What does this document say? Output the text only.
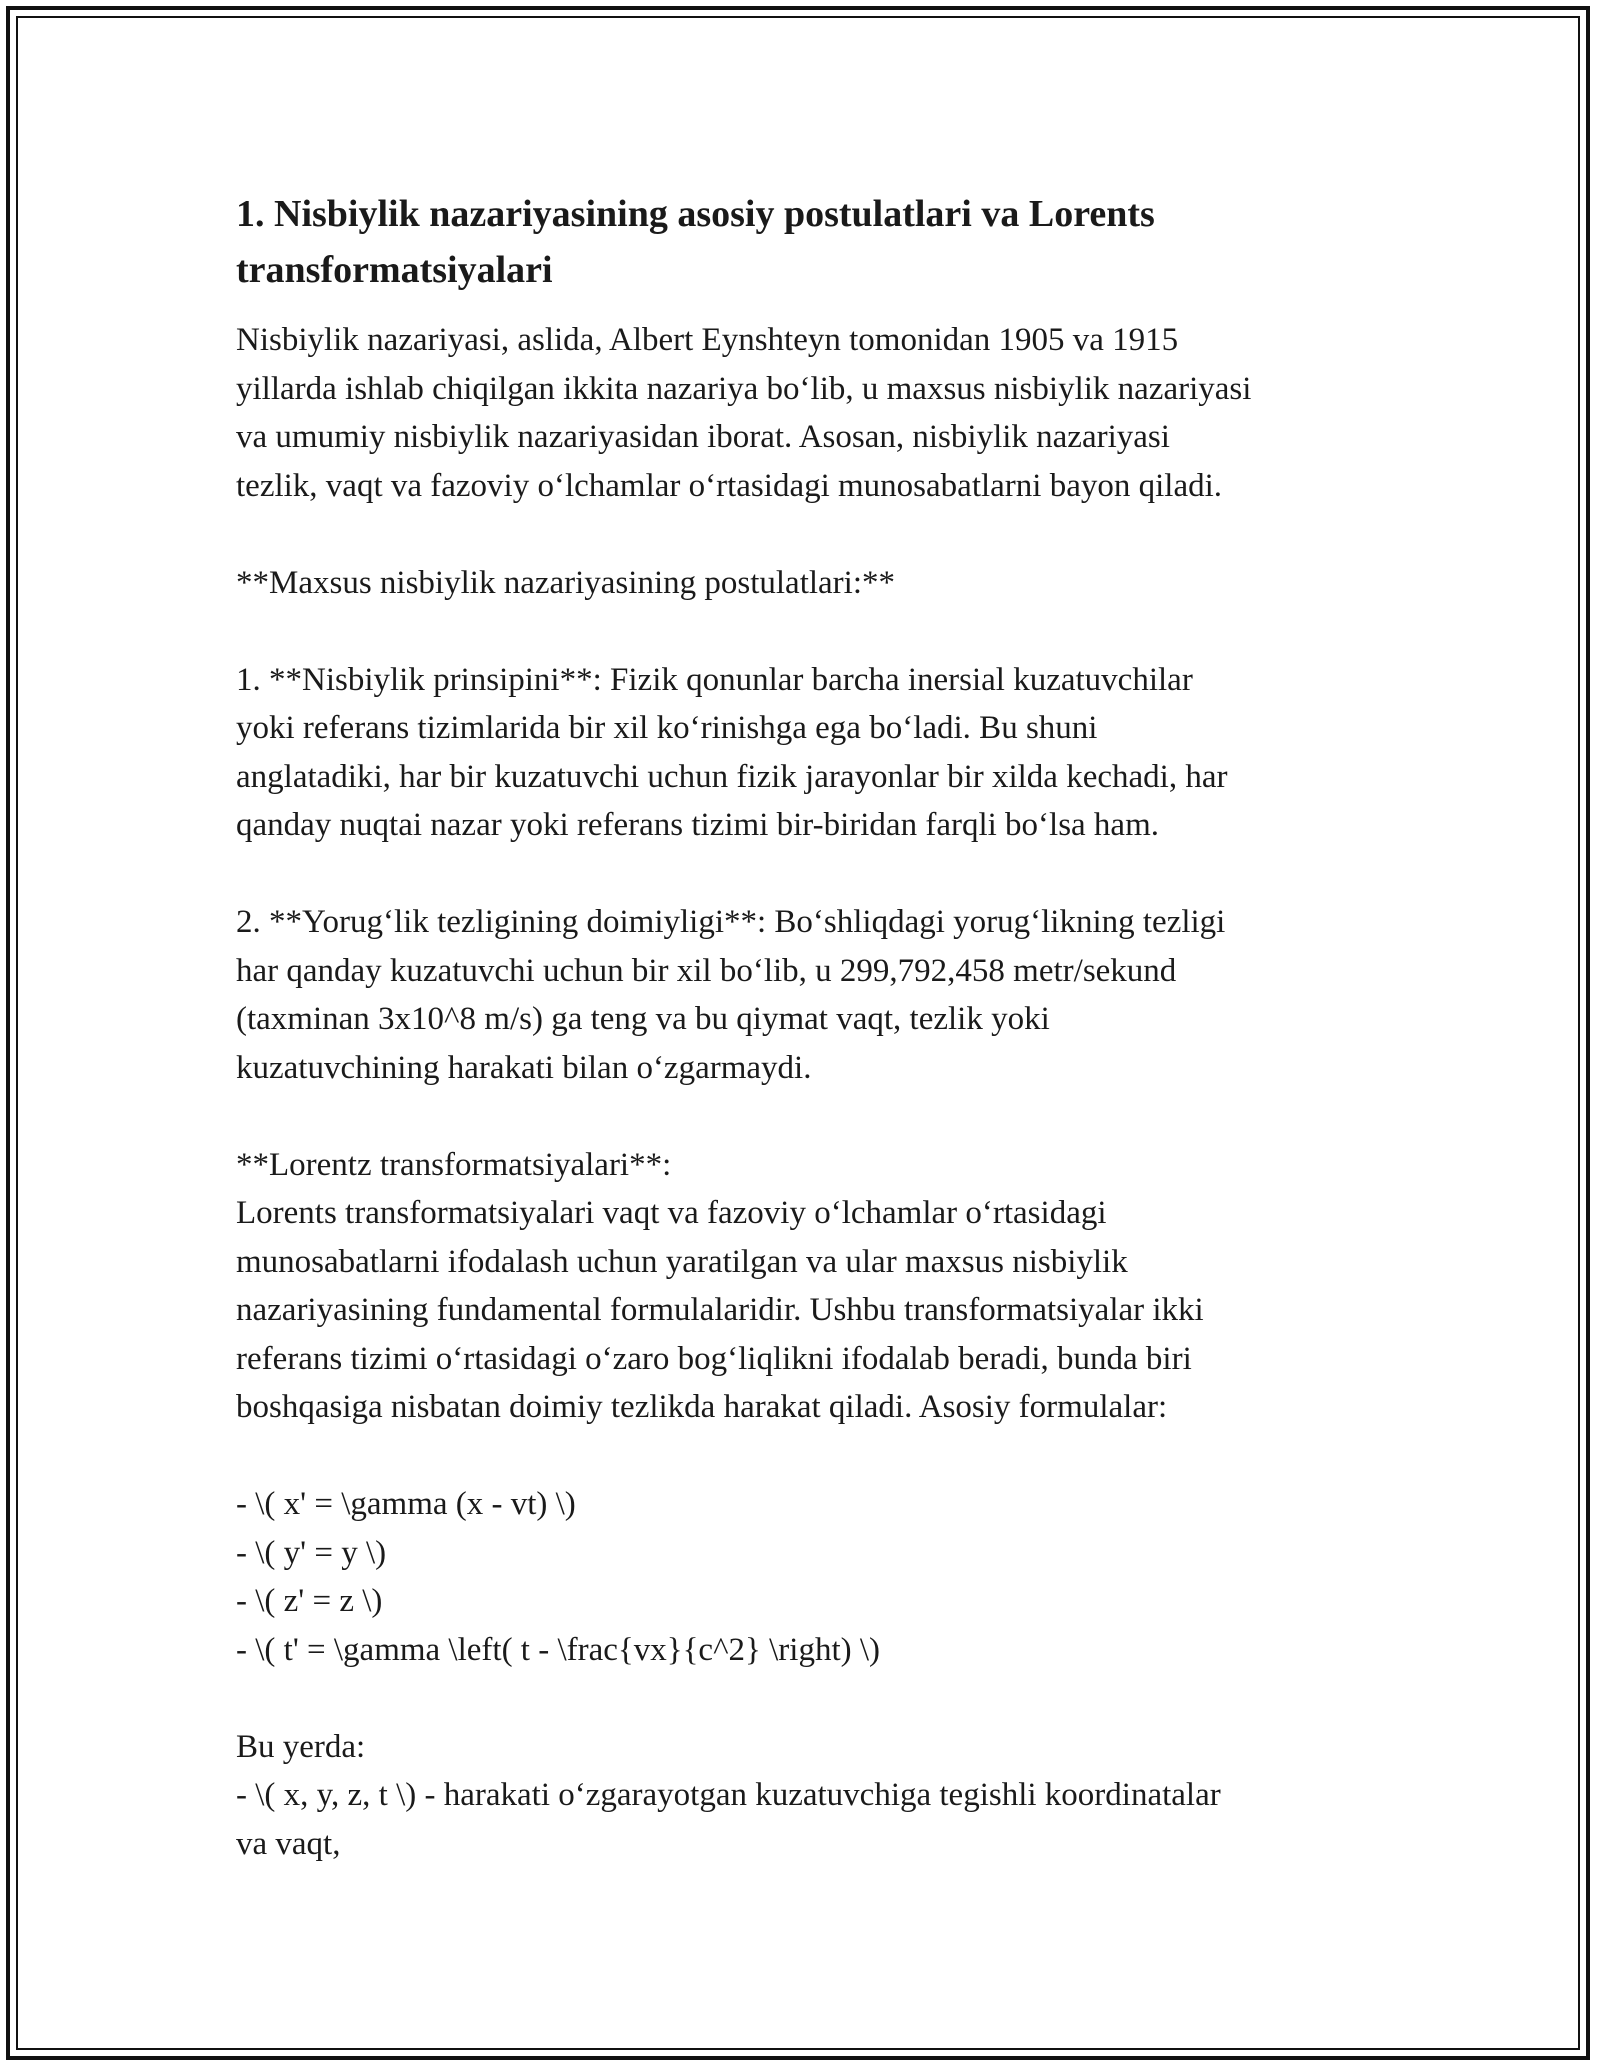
1. Nisbiylik nazariyasining asosiy postulatlari va Lorents
transformatsiyalari

Nisbiylik nazariyasi, aslida, Albert Eynshteyn tomonidan 1905 va 1915
yillarda ishlab chiqilgan ikkita nazariya bo‘lib, u maxsus nisbiylik nazariyasi
va umumiy nisbiylik nazariyasidan iborat. Asosan, nisbiylik nazariyasi
tezlik, vaqt va fazoviy o‘lchamlar o‘rtasidagi munosabatlarni bayon qiladi.

**Maxsus nisbiylik nazariyasining postulatlari:**

1. **Nisbiylik prinsipini**: Fizik qonunlar barcha inersial kuzatuvchilar
yoki referans tizimlarida bir xil ko‘rinishga ega bo‘ladi. Bu shuni
anglatadiki, har bir kuzatuvchi uchun fizik jarayonlar bir xilda kechadi, har
qanday nuqtai nazar yoki referans tizimi bir-biridan farqli bo‘lsa ham.

2. **Yorug‘lik tezligining doimiyligi**: Bo‘shliqdagi yorug‘likning tezligi
har qanday kuzatuvchi uchun bir xil bo‘lib, u 299,792,458 metr/sekund
(taxminan 3x10^8 m/s) ga teng va bu qiymat vaqt, tezlik yoki
kuzatuvchining harakati bilan o‘zgarmaydi.

**Lorentz transformatsiyalari**:
Lorents transformatsiyalari vaqt va fazoviy o‘lchamlar o‘rtasidagi
munosabatlarni ifodalash uchun yaratilgan va ular maxsus nisbiylik
nazariyasining fundamental formulalaridir. Ushbu transformatsiyalar ikki
referans tizimi o‘rtasidagi o‘zaro bog‘liqlikni ifodalab beradi, bunda biri
boshqasiga nisbatan doimiy tezlikda harakat qiladi. Asosiy formulalar:

- \( x' = \gamma (x - vt) \)
- \( y' = y \)
- \( z' = z \)
- \( t' = \gamma \left( t - \frac{vx}{c^2} \right) \)

Bu yerda:
- \( x, y, z, t \) - harakati o‘zgarayotgan kuzatuvchiga tegishli koordinatalar
va vaqt,
